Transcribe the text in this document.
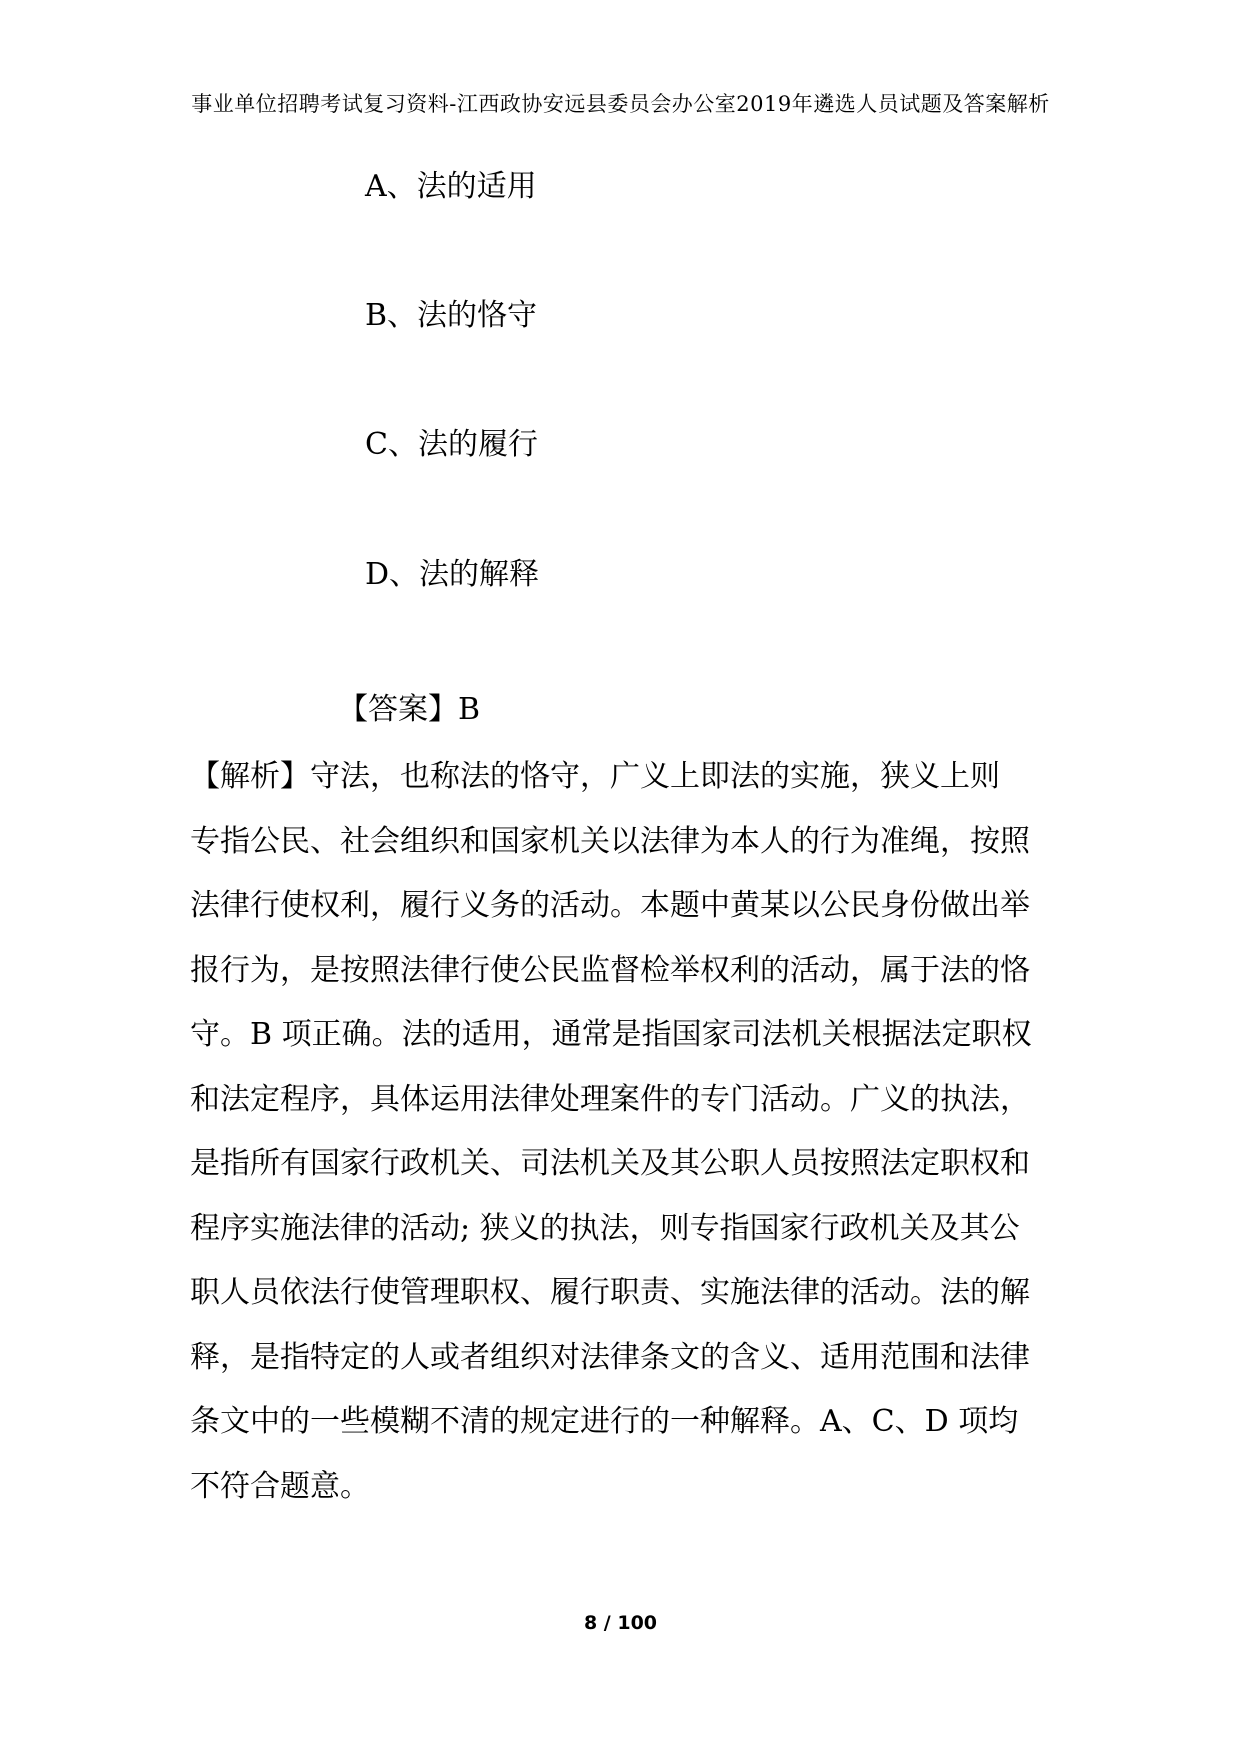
事业单位招聘考试复习资料-江西政协安远县委员会办公室2019年遴选人员试题及答案解析
A、法的适用
B、法的恪守
C、法的履行
D、法的解释
【答案】B
【解析】守法，也称法的恪守，广义上即法的实施，狭义上则
专指公民、社会组织和国家机关以法律为本人的行为准绳，按照
法律行使权利，履行义务的活动。本题中黄某以公民身份做出举
报行为，是按照法律行使公民监督检举权利的活动，属于法的恪
守。B 项正确。法的适用，通常是指国家司法机关根据法定职权
和法定程序，具体运用法律处理案件的专门活动。广义的执法，
是指所有国家行政机关、司法机关及其公职人员按照法定职权和
程序实施法律的活动; 狭义的执法，则专指国家行政机关及其公
职人员依法行使管理职权、履行职责、实施法律的活动。法的解
释，是指特定的人或者组织对法律条文的含义、适用范围和法律
条文中的一些模糊不清的规定进行的一种解释。A、C、D 项均
不符合题意。
8 / 100
